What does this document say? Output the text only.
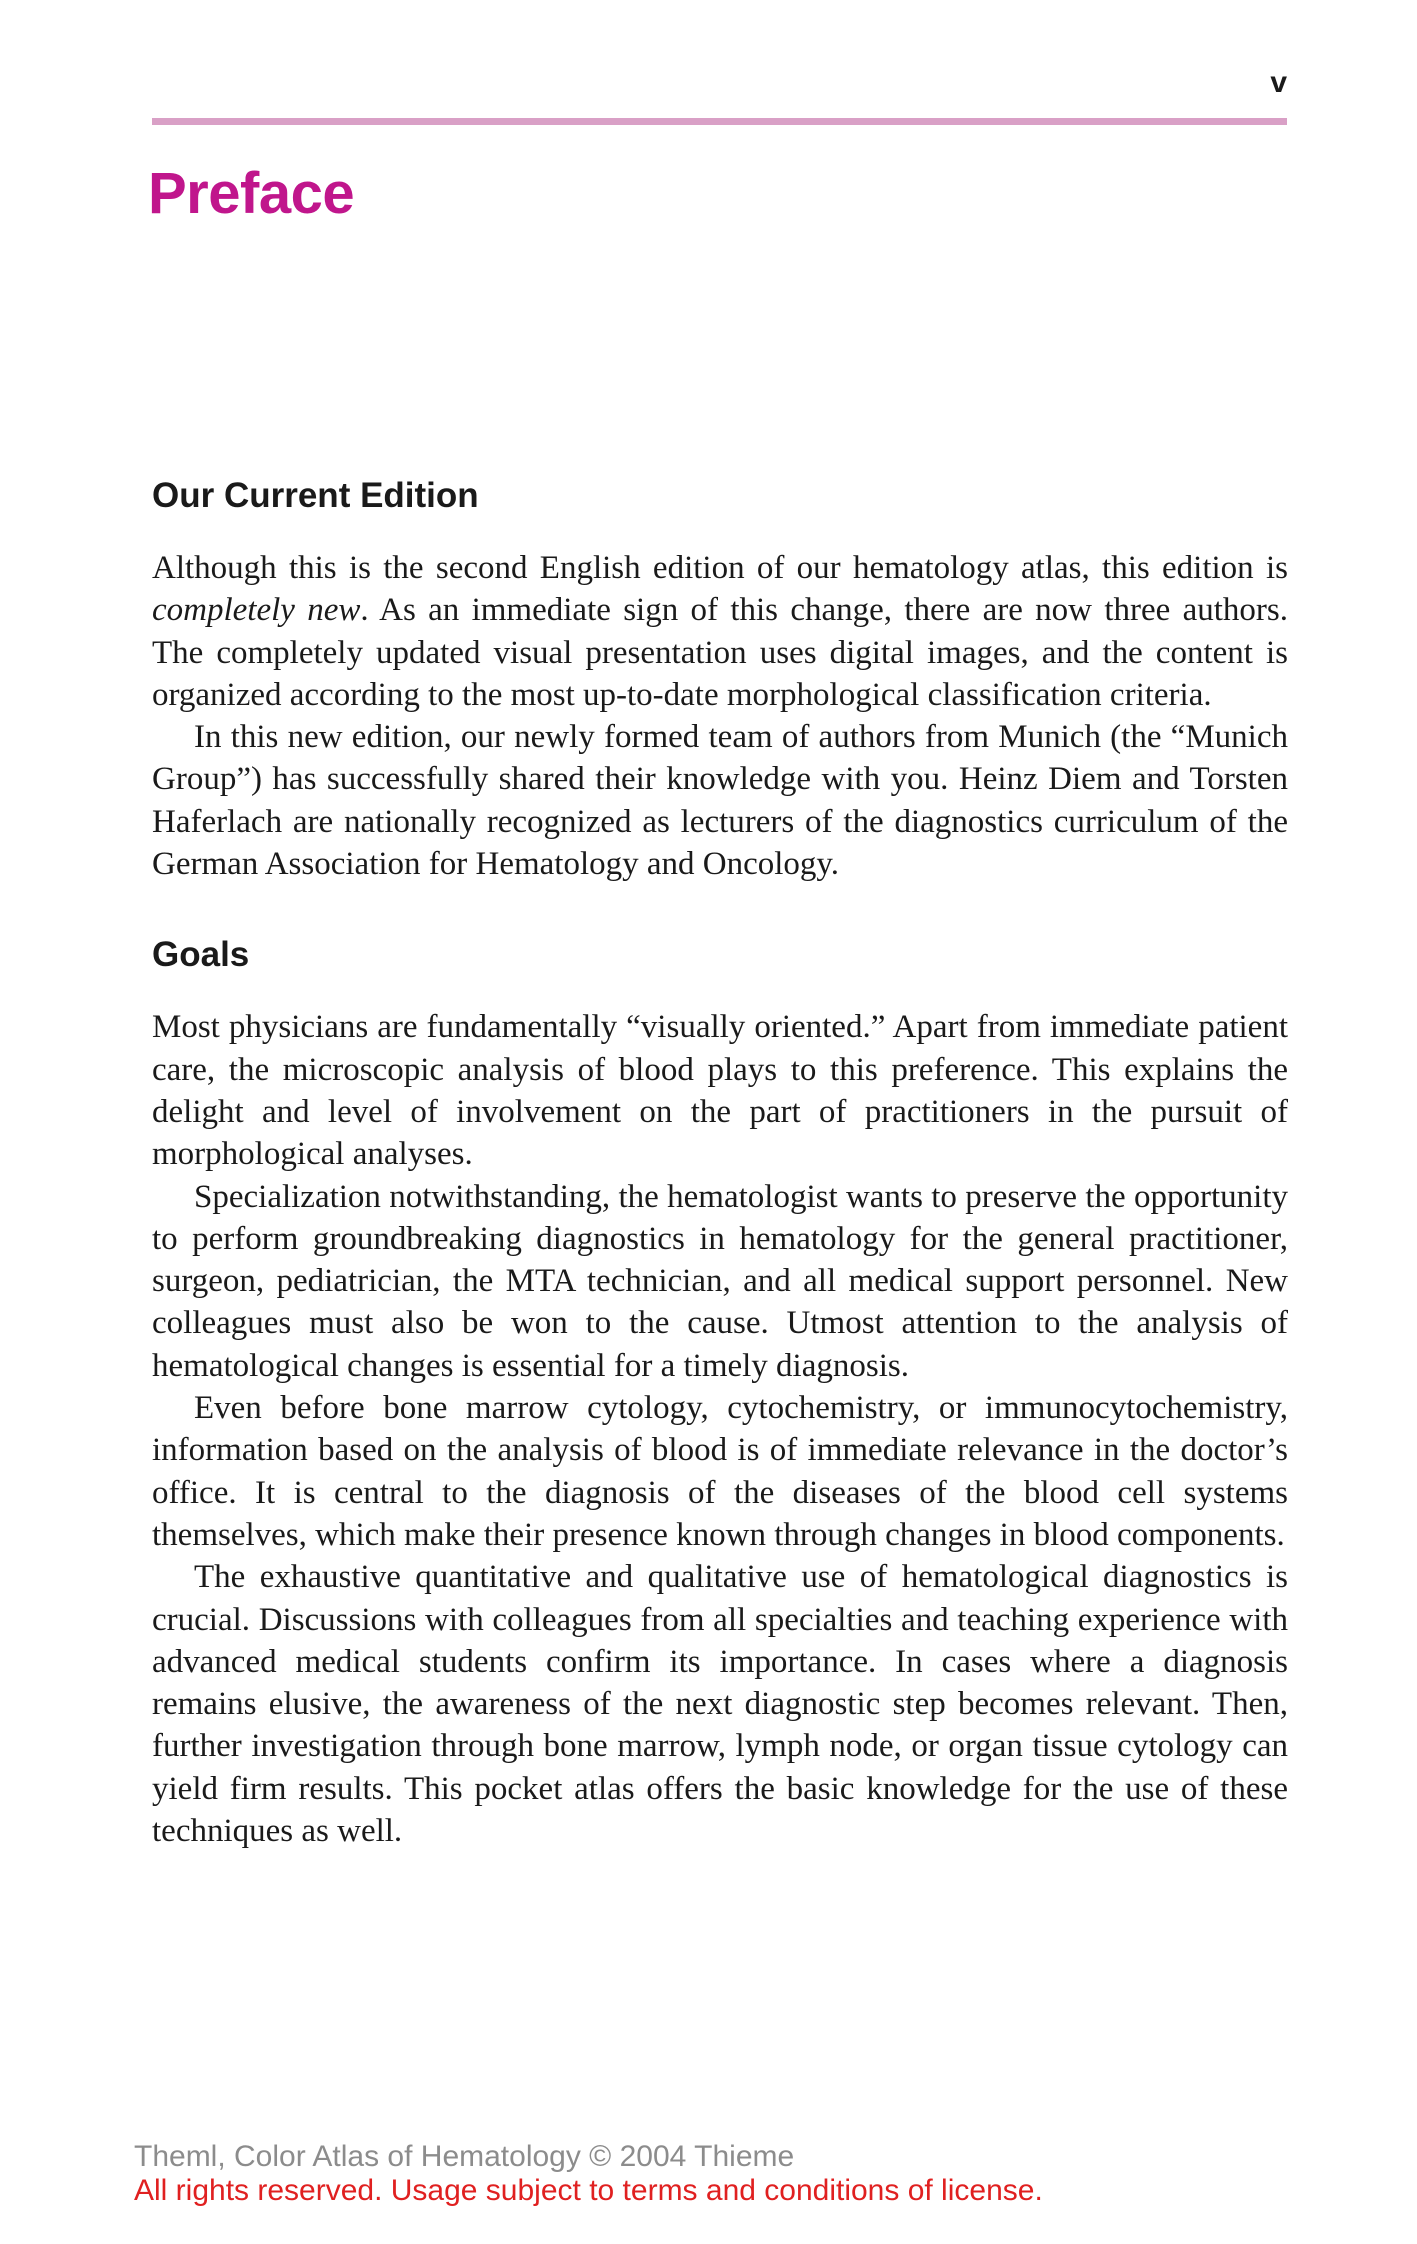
v
Preface
Our Current Edition

Although this is the second English edition of our hematology atlas, this edition is completely new. As an immediate sign of this change, there are now three authors. The completely updated visual presentation uses digital images, and the content is organized according to the most up-to-date morphological classification criteria.

In this new edition, our newly formed team of authors from Munich (the “Munich Group”) has successfully shared their knowledge with you. Heinz Diem and Torsten Haferlach are nationally recognized as lecturers of the diagnostics curriculum of the German Association for Hematology and Oncology.

Goals

Most physicians are fundamentally “visually oriented.” Apart from immediate patient care, the microscopic analysis of blood plays to this preference. This explains the delight and level of involvement on the part of practitioners in the pursuit of morphological analyses.

Specialization notwithstanding, the hematologist wants to preserve the opportunity to perform groundbreaking diagnostics in hematology for the general practitioner, surgeon, pediatrician, the MTA technician, and all medical support personnel. New colleagues must also be won to the cause. Utmost attention to the analysis of hematological changes is essential for a timely diagnosis.

Even before bone marrow cytology, cytochemistry, or immunocytochemistry, information based on the analysis of blood is of immediate relevance in the doctor’s office. It is central to the diagnosis of the diseases of the blood cell systems themselves, which make their presence known through changes in blood components.

The exhaustive quantitative and qualitative use of hematological diagnostics is crucial. Discussions with colleagues from all specialties and teaching experience with advanced medical students confirm its importance. In cases where a diagnosis remains elusive, the awareness of the next diagnostic step becomes relevant. Then, further investigation through bone marrow, lymph node, or organ tissue cytology can yield firm results. This pocket atlas offers the basic knowledge for the use of these techniques as well.

Theml, Color Atlas of Hematology © 2004 Thieme
All rights reserved. Usage subject to terms and conditions of license.
